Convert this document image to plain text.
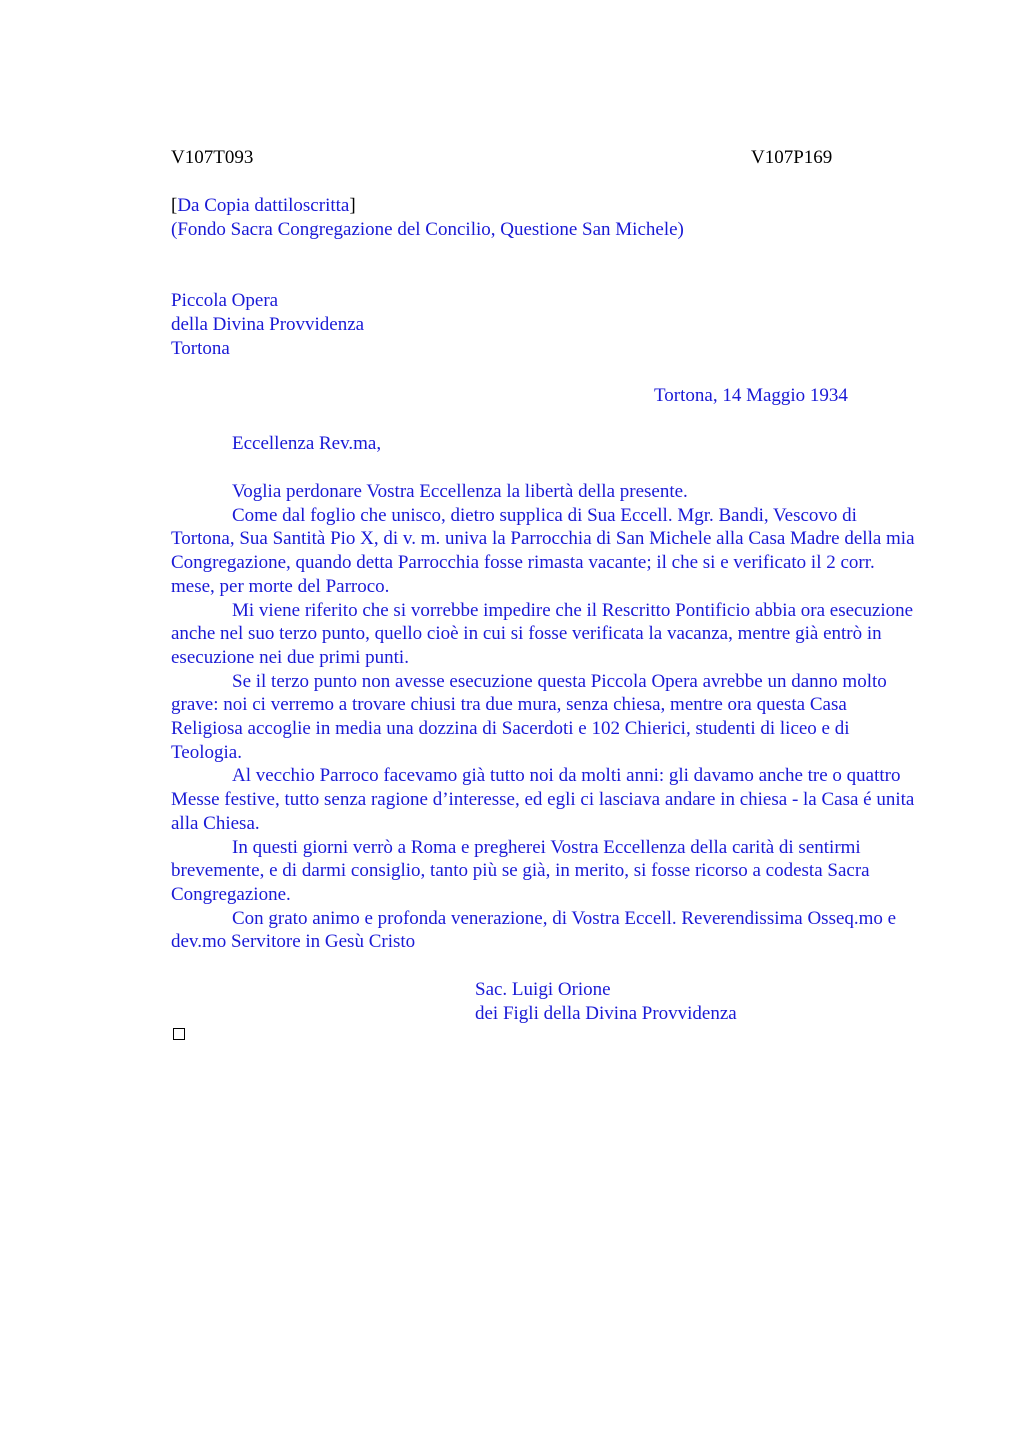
V107T093	V107P169
[Da Copia dattiloscritta]
(Fondo Sacra Congregazione del Concilio, Questione San Michele)
Piccola Opera
della Divina Provvidenza
Tortona
Tortona, 14 Maggio 1934
Eccellenza Rev.ma,

Voglia perdonare Vostra Eccellenza la libertà della presente.

Come dal foglio che unisco, dietro supplica di Sua Eccell. Mgr. Bandi, Vescovo di Tortona, Sua Santità Pio X, di v. m. univa la Parrocchia di San Michele alla Casa Madre della mia Congregazione, quando detta Parrocchia fosse rimasta vacante; il che si e verificato il 2 corr. mese, per morte del Parroco.

Mi viene riferito che si vorrebbe impedire che il Rescritto Pontificio abbia ora esecuzione anche nel suo terzo punto, quello cioè in cui si fosse verificata la vacanza, mentre già entrò in esecuzione nei due primi punti.

Se il terzo punto non avesse esecuzione questa Piccola Opera avrebbe un danno molto grave: noi ci verremo a trovare chiusi tra due mura, senza chiesa, mentre ora questa Casa Religiosa accoglie in media una dozzina di Sacerdoti e 102 Chierici, studenti di liceo e di Teologia.

Al vecchio Parroco facevamo già tutto noi da molti anni: gli davamo anche tre o quattro Messe festive, tutto senza ragione d’interesse, ed egli ci lasciava andare in chiesa - la Casa é unita alla Chiesa.

In questi giorni verrò a Roma e pregherei Vostra Eccellenza della carità di sentirmi brevemente, e di darmi consiglio, tanto più se già, in merito, si fosse ricorso a codesta Sacra Congregazione.

Con grato animo e profonda venerazione, di Vostra Eccell. Reverendissima Osseq.mo e dev.mo Servitore in Gesù Cristo

Sac. Luigi Orione
dei Figli della Divina Provvidenza
